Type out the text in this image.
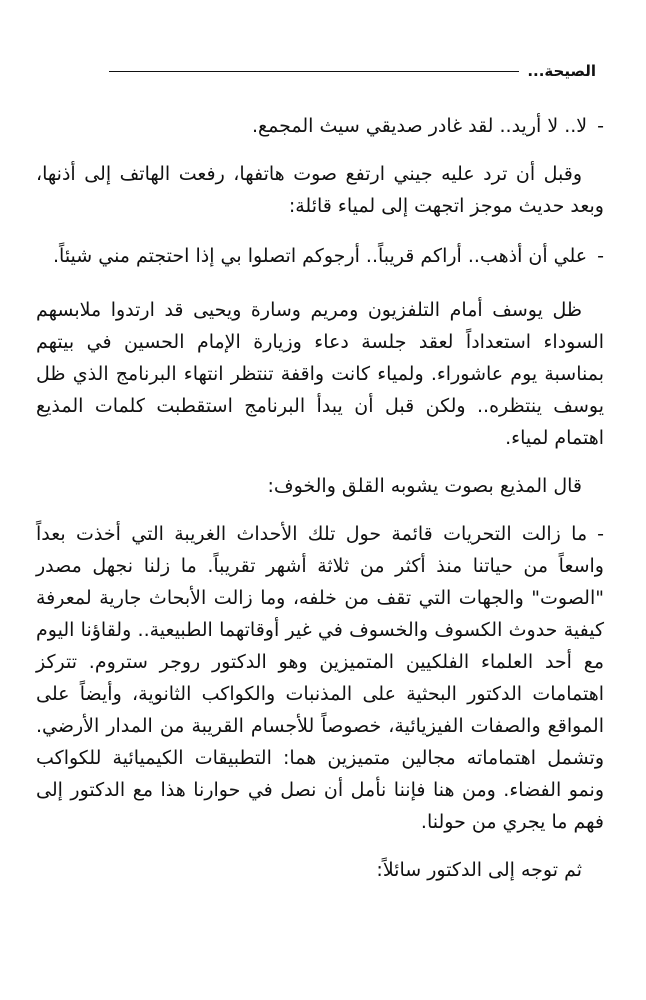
الصيحة...

-لا.. لا أريد.. لقد غادر صديقي سيث المجمع.

وقبل أن ترد عليه جيني ارتفع صوت هاتفها، رفعت الهاتف إلى أذنها، وبعد حديث موجز اتجهت إلى لمياء قائلة:

-علي أن أذهب.. أراكم قريباً.. أرجوكم اتصلوا بي إذا احتجتم مني شيئاً.

ظل يوسف أمام التلفزيون ومريم وسارة ويحيى قد ارتدوا ملابسهم السوداء استعداداً لعقد جلسة دعاء وزيارة الإمام الحسين في بيتهم بمناسبة يوم عاشوراء. ولمياء كانت واقفة تنتظر انتهاء البرنامج الذي ظل يوسف ينتظره.. ولكن قبل أن يبدأ البرنامج استقطبت كلمات المذيع اهتمام لمياء.

قال المذيع بصوت يشوبه القلق والخوف:

-ما زالت التحريات قائمة حول تلك الأحداث الغريبة التي أخذت بعداً واسعاً من حياتنا منذ أكثر من ثلاثة أشهر تقريباً. ما زلنا نجهل مصدر "الصوت" والجهات التي تقف من خلفه، وما زالت الأبحاث جارية لمعرفة كيفية حدوث الكسوف والخسوف في غير أوقاتهما الطبيعية.. ولقاؤنا اليوم مع أحد العلماء الفلكيين المتميزين وهو الدكتور روجر ستروم. تتركز اهتمامات الدكتور البحثية على المذنبات والكواكب الثانوية، وأيضاً على المواقع والصفات الفيزيائية، خصوصاً للأجسام القريبة من المدار الأرضي. وتشمل اهتماماته مجالين متميزين هما: التطبيقات الكيميائية للكواكب ونمو الفضاء. ومن هنا فإننا نأمل أن نصل في حوارنا هذا مع الدكتور إلى فهم ما يجري من حولنا.

ثم توجه إلى الدكتور سائلاً:
